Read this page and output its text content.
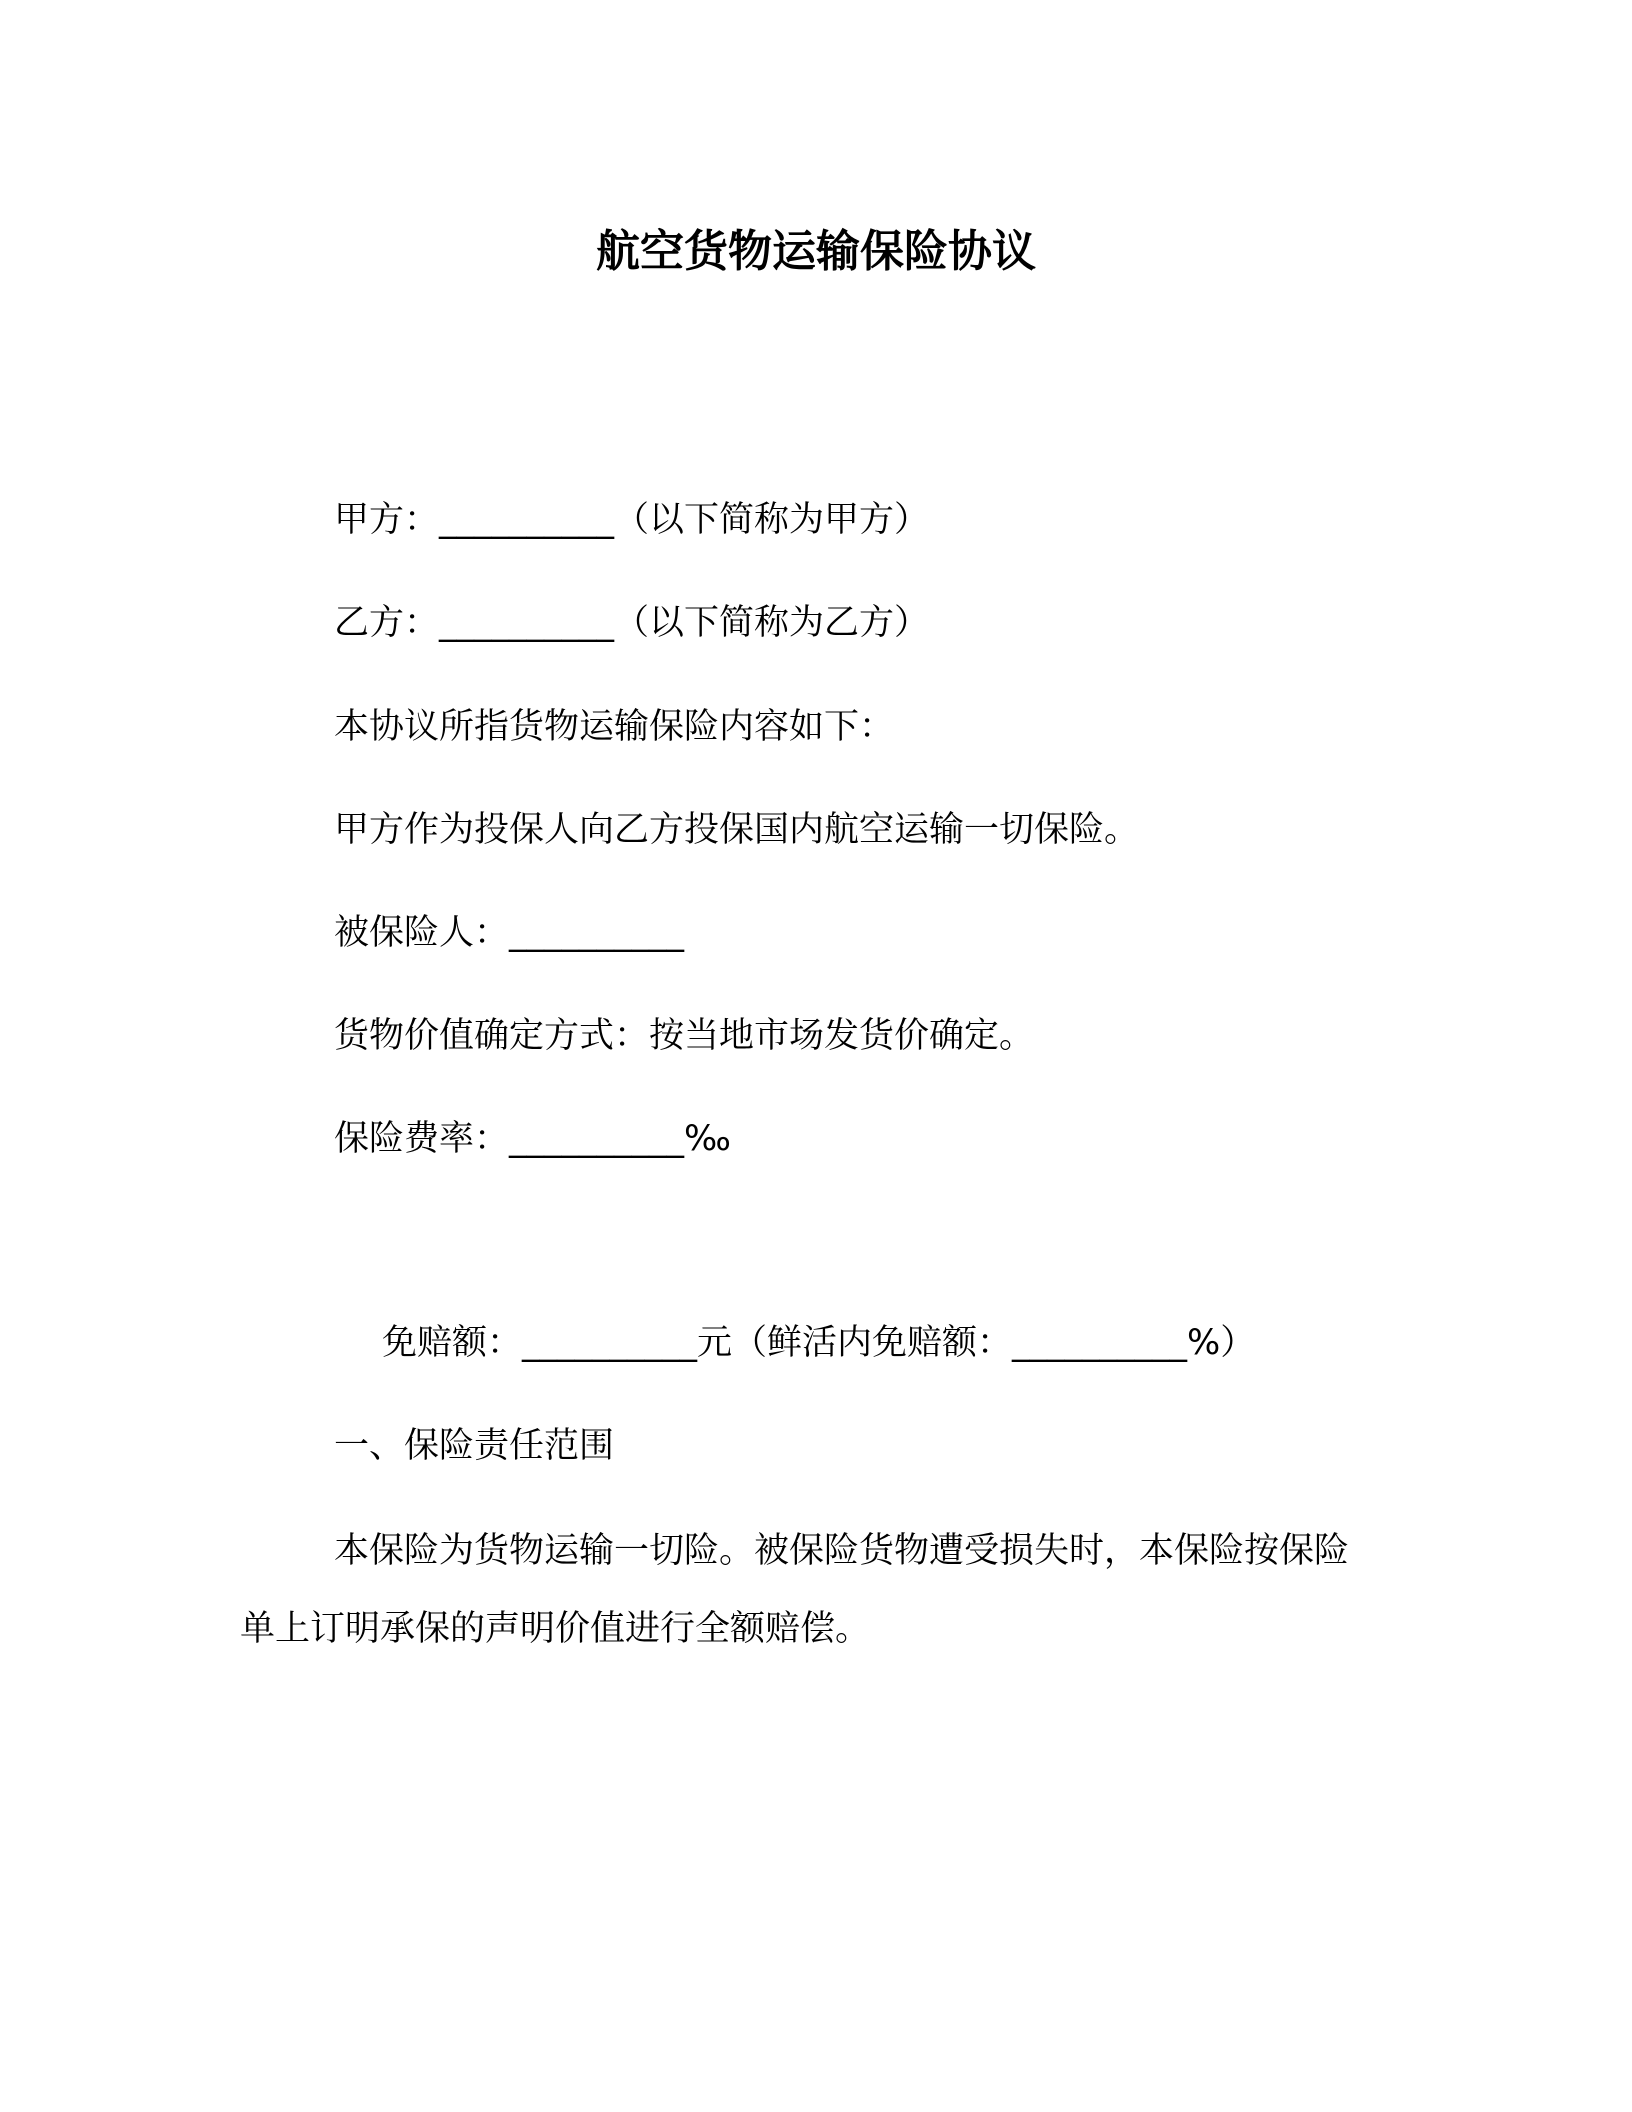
航空货物运输保险协议
甲方：__________（以下简称为甲方）
乙方：__________（以下简称为乙方）
本协议所指货物运输保险内容如下：
甲方作为投保人向乙方投保国内航空运输一切保险。
被保险人：__________
货物价值确定方式：按当地市场发货价确定。
保险费率：__________‰
免赔额：__________元（鲜活内免赔额：__________%）
一、保险责任范围
本保险为货物运输一切险。被保险货物遭受损失时，本保险按保险单上订明承保的声明价值进行全额赔偿。
